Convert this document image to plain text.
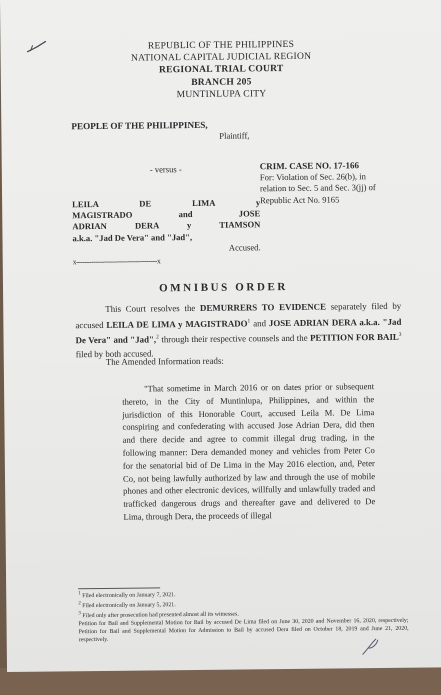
REPUBLIC OF THE PHILIPPINES
NATIONAL CAPITAL JUDICIAL REGION
REGIONAL TRIAL COURT
BRANCH 205
MUNTINLUPA CITY
PEOPLE OF THE PHILIPPINES,
Plaintiff,
- versus -
LEILA DE LIMA y
MAGISTRADO and JOSE
ADRIAN DERA y TIAMSON
a.k.a. "Jad De Vera" and "Jad",
Accused.
x--------------------------------------x
CRIM. CASE NO. 17-166
For: Violation of Sec. 26(b), in
relation to Sec. 5 and Sec. 3(jj) of
Republic Act No. 9165
OMNIBUS ORDER
This Court resolves the DEMURRERS TO EVIDENCE separately filed by accused LEILA DE LIMA y MAGISTRADO$^1$ and JOSE ADRIAN DERA a.k.a. "Jad De Vera" and "Jad",$^2$ through their respective counsels and the PETITION FOR BAIL$^3$ filed by both accused.
The Amended Information reads:
"That sometime in March 2016 or on dates prior or subsequent thereto, in the City of Muntinlupa, Philippines, and within the jurisdiction of this Honorable Court, accused Leila M. De Lima conspiring and confederating with accused Jose Adrian Dera, did then and there decide and agree to commit illegal drug trading, in the following manner: Dera demanded money and vehicles from Peter Co for the senatorial bid of De Lima in the May 2016 election, and, Peter Co, not being lawfully authorized by law and through the use of mobile phones and other electronic devices, willfully and unlawfully traded and trafficked dangerous drugs and thereafter gave and delivered to De Lima, through Dera, the proceeds of illegal
$^1$ Filed electronically on January 7, 2021.
$^2$ Filed electronically on January 5, 2021.
$^3$ Filed only after prosecution had presented almost all its witnesses.
Petition for Bail and Supplemental Motion for Bail by accused De Lima filed on June 30, 2020 and November 16, 2020, respectively; Petition for Bail and Supplemental Motion for Admission to Bail by accused Dera filed on October 18, 2019 and June 21, 2020, respectively.
